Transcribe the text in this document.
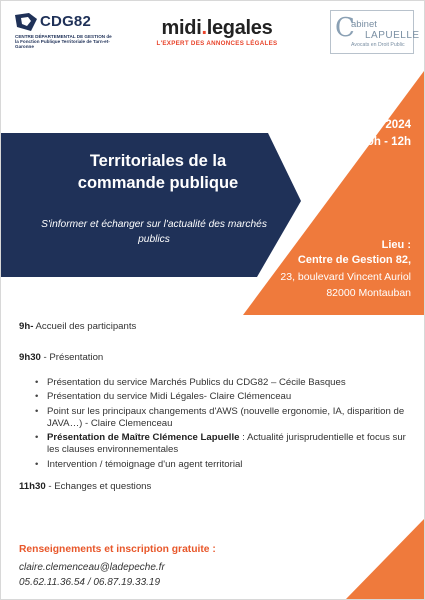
CDG82
CENTRE DÉPARTEMENTAL DE GESTION de la Fonction Publique Territoriale de Tarn-et-Garonne
midi.legales
L'EXPERT DES ANNONCES LÉGALES
C
abinet
LAPUELLE
Avocats en Droit Public
17 octobre 2024
9h - 12h
Territoriales de la commande publique
S'informer et échanger sur l'actualité des marchés publics	Lieu :
Centre de Gestion 82,
23, boulevard Vincent Auriol
82000 Montauban
9h- Accueil des participants
9h30 - Présentation
• Présentation du service Marchés Publics du CDG82 – Cécile Basques
• Présentation du service Midi Légales- Claire Clémenceau
• Point sur les principaux changements d'AWS (nouvelle ergonomie, IA, disparition de JAVA…) - Claire Clemenceau
• Présentation de Maître Clémence Lapuelle : Actualité jurisprudentielle et focus sur les clauses environnementales
• Intervention / témoignage d'un agent territorial
11h30 - Echanges et questions
Renseignements et inscription gratuite :
claire.clemenceau@ladepeche.fr
05.62.11.36.54 / 06.87.19.33.19
